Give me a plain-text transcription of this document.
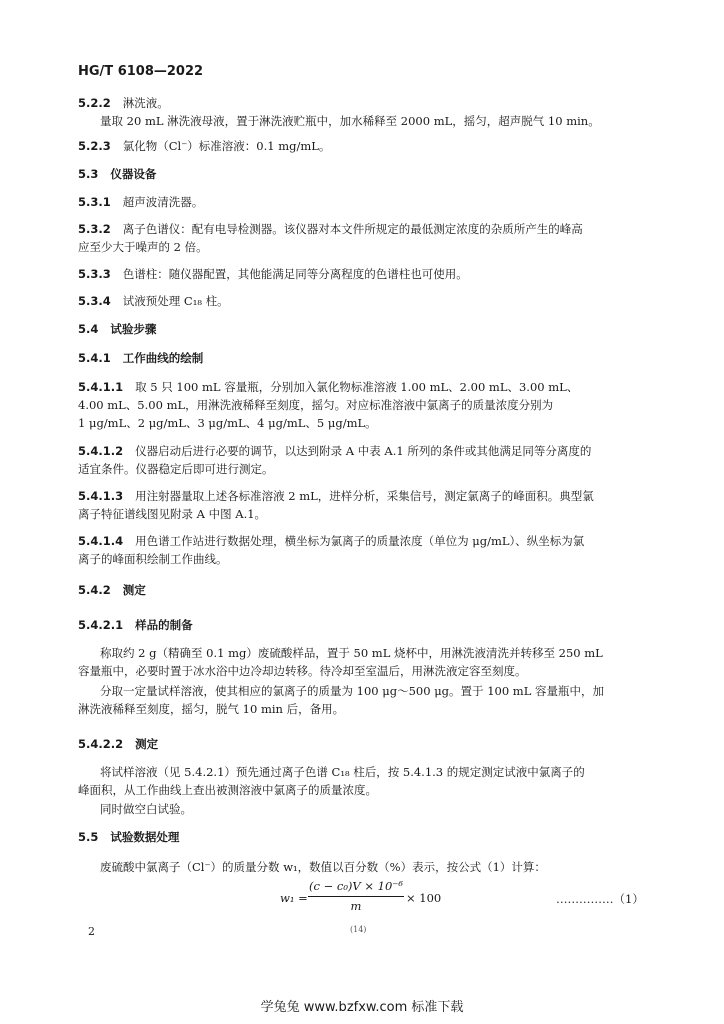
HG/T 6108—2022
5.2.2 淋洗液。
量取 20 mL 淋洗液母液，置于淋洗液贮瓶中，加水稀释至 2000 mL，摇匀，超声脱气 10 min。
5.2.3 氯化物（Cl⁻）标准溶液：0.1 mg/mL。
5.3 仪器设备
5.3.1 超声波清洗器。
5.3.2 离子色谱仪：配有电导检测器。该仪器对本文件所规定的最低测定浓度的杂质所产生的峰高
应至少大于噪声的 2 倍。
5.3.3 色谱柱：随仪器配置，其他能满足同等分离程度的色谱柱也可使用。
5.3.4 试液预处理 C₁₈ 柱。
5.4 试验步骤
5.4.1 工作曲线的绘制
5.4.1.1 取 5 只 100 mL 容量瓶，分别加入氯化物标准溶液 1.00 mL、2.00 mL、3.00 mL、
4.00 mL、5.00 mL，用淋洗液稀释至刻度，摇匀。对应标准溶液中氯离子的质量浓度分别为
1 μg/mL、2 μg/mL、3 μg/mL、4 μg/mL、5 μg/mL。
5.4.1.2 仪器启动后进行必要的调节，以达到附录 A 中表 A.1 所列的条件或其他满足同等分离度的
适宜条件。仪器稳定后即可进行测定。
5.4.1.3 用注射器量取上述各标准溶液 2 mL，进样分析，采集信号，测定氯离子的峰面积。典型氯
离子特征谱线图见附录 A 中图 A.1。
5.4.1.4 用色谱工作站进行数据处理，横坐标为氯离子的质量浓度（单位为 μg/mL）、纵坐标为氯
离子的峰面积绘制工作曲线。
5.4.2 测定
5.4.2.1 样品的制备
称取约 2 g（精确至 0.1 mg）废硫酸样品，置于 50 mL 烧杯中，用淋洗液清洗并转移至 250 mL
容量瓶中，必要时置于冰水浴中边冷却边转移。待冷却至室温后，用淋洗液定容至刻度。
分取一定量试样溶液，使其相应的氯离子的质量为 100 μg～500 μg。置于 100 mL 容量瓶中，加
淋洗液稀释至刻度，摇匀，脱气 10 min 后，备用。
5.4.2.2 测定
将试样溶液（见 5.4.2.1）预先通过离子色谱 C₁₈ 柱后，按 5.4.1.3 的规定测定试液中氯离子的
峰面积，从工作曲线上查出被测溶液中氯离子的质量浓度。
同时做空白试验。
5.5 试验数据处理
废硫酸中氯离子（Cl⁻）的质量分数 w₁，数值以百分数（%）表示，按公式（1）计算：
w₁ =
(c − c₀)V × 10⁻⁶
m
× 100	……………（1）
2	(14)
学兔兔 www.bzfxw.com 标准下载
